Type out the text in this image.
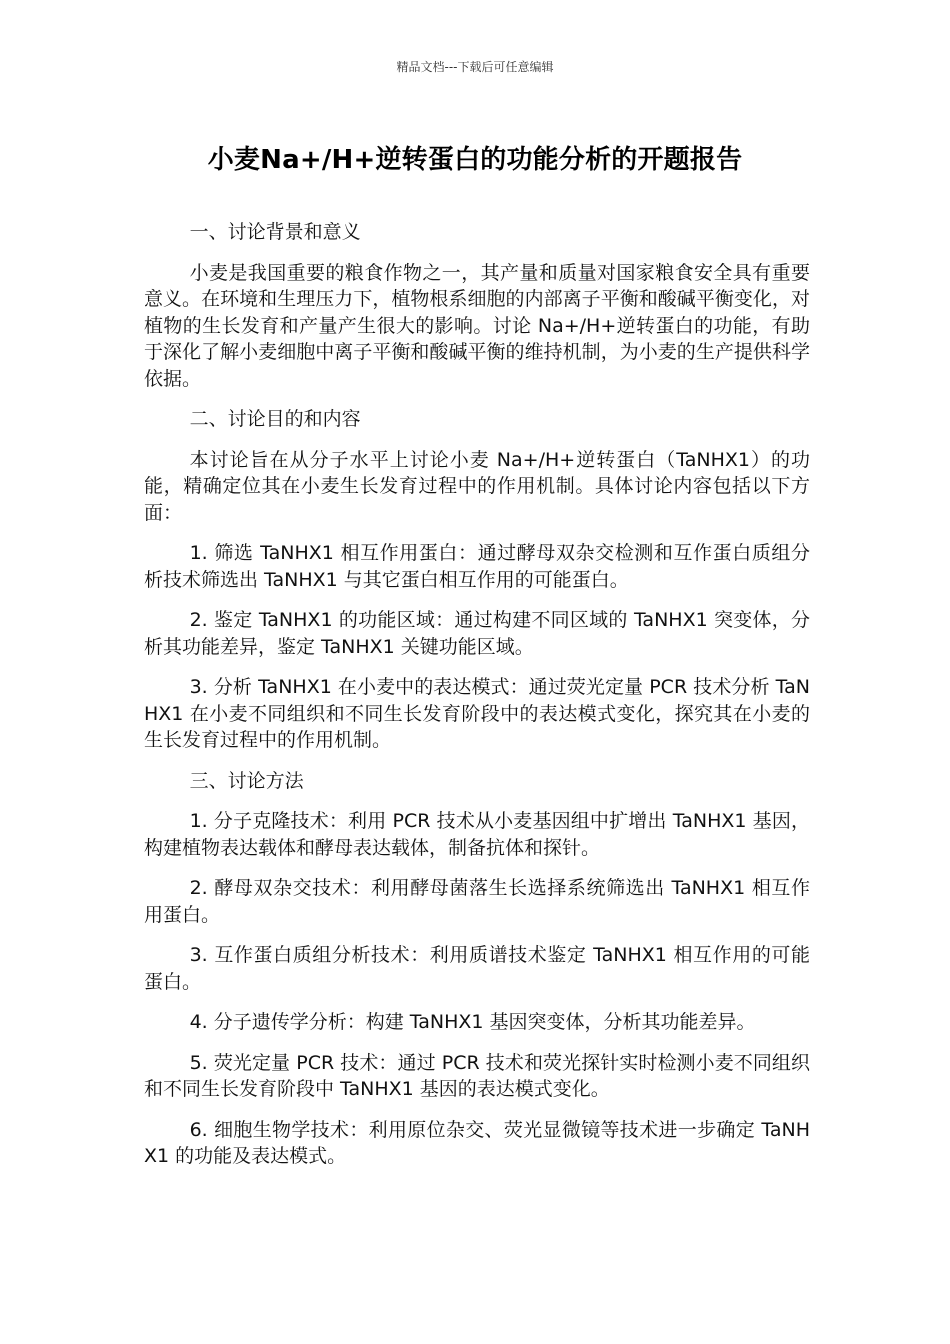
精品文档---下载后可任意编辑
小麦Na+/H+逆转蛋白的功能分析的开题报告

一、讨论背景和意义

小麦是我国重要的粮食作物之一，其产量和质量对国家粮食安全具有重要意义。在环境和生理压力下，植物根系细胞的内部离子平衡和酸碱平衡变化，对植物的生长发育和产量产生很大的影响。讨论 Na+/H+逆转蛋白的功能，有助于深化了解小麦细胞中离子平衡和酸碱平衡的维持机制，为小麦的生产提供科学依据。

二、讨论目的和内容

本讨论旨在从分子水平上讨论小麦 Na+/H+逆转蛋白（TaNHX1）的功能，精确定位其在小麦生长发育过程中的作用机制。具体讨论内容包括以下方面：

1. 筛选 TaNHX1 相互作用蛋白：通过酵母双杂交检测和互作蛋白质组分析技术筛选出 TaNHX1 与其它蛋白相互作用的可能蛋白。

2. 鉴定 TaNHX1 的功能区域：通过构建不同区域的 TaNHX1 突变体，分析其功能差异，鉴定 TaNHX1 关键功能区域。

3. 分析 TaNHX1 在小麦中的表达模式：通过荧光定量 PCR 技术分析 TaNHX1 在小麦不同组织和不同生长发育阶段中的表达模式变化，探究其在小麦的生长发育过程中的作用机制。

三、讨论方法

1. 分子克隆技术：利用 PCR 技术从小麦基因组中扩增出 TaNHX1 基因，构建植物表达载体和酵母表达载体，制备抗体和探针。

2. 酵母双杂交技术：利用酵母菌落生长选择系统筛选出 TaNHX1 相互作用蛋白。

3. 互作蛋白质组分析技术：利用质谱技术鉴定 TaNHX1 相互作用的可能蛋白。

4. 分子遗传学分析：构建 TaNHX1 基因突变体，分析其功能差异。

5. 荧光定量 PCR 技术：通过 PCR 技术和荧光探针实时检测小麦不同组织和不同生长发育阶段中 TaNHX1 基因的表达模式变化。

6. 细胞生物学技术：利用原位杂交、荧光显微镜等技术进一步确定 TaNHX1 的功能及表达模式。
